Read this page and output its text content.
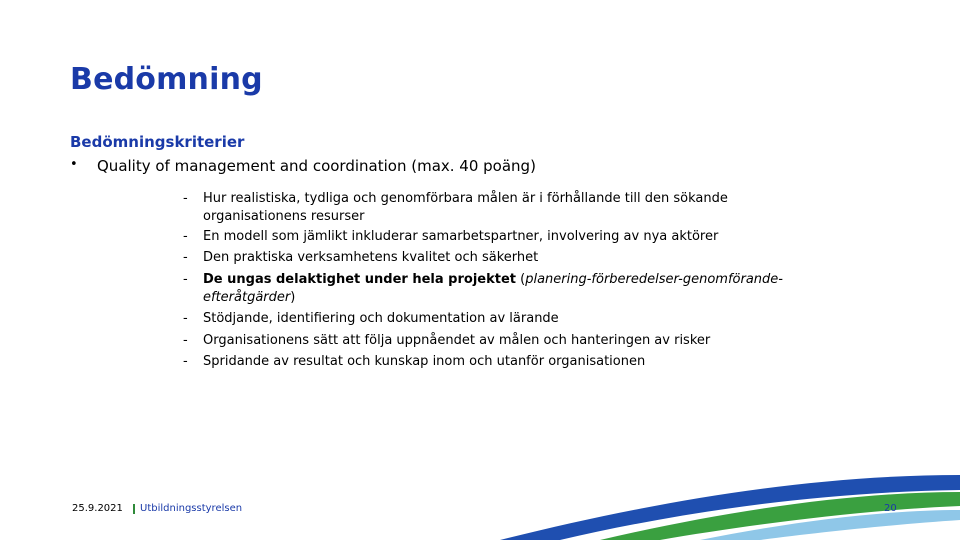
Bedömning
Bedömningskriterier
• Quality of management and coordination (max. 40 poäng)
- Hur realistiska, tydliga och genomförbara målen är i förhållande till den sökande organisationens resurser
- En modell som jämlikt inkluderar samarbetspartner, involvering av nya aktörer
- Den praktiska verksamhetens kvalitet och säkerhet
- De ungas delaktighet under hela projektet (planering-förberedelser-genomförande-efteråtgärder)
- Stödjande, identifiering och dokumentation av lärande
- Organisationens sätt att följa uppnåendet av målen och hanteringen av risker
- Spridande av resultat och kunskap inom och utanför organisationen
25.9.2021 Utbildningsstyrelsen	20
